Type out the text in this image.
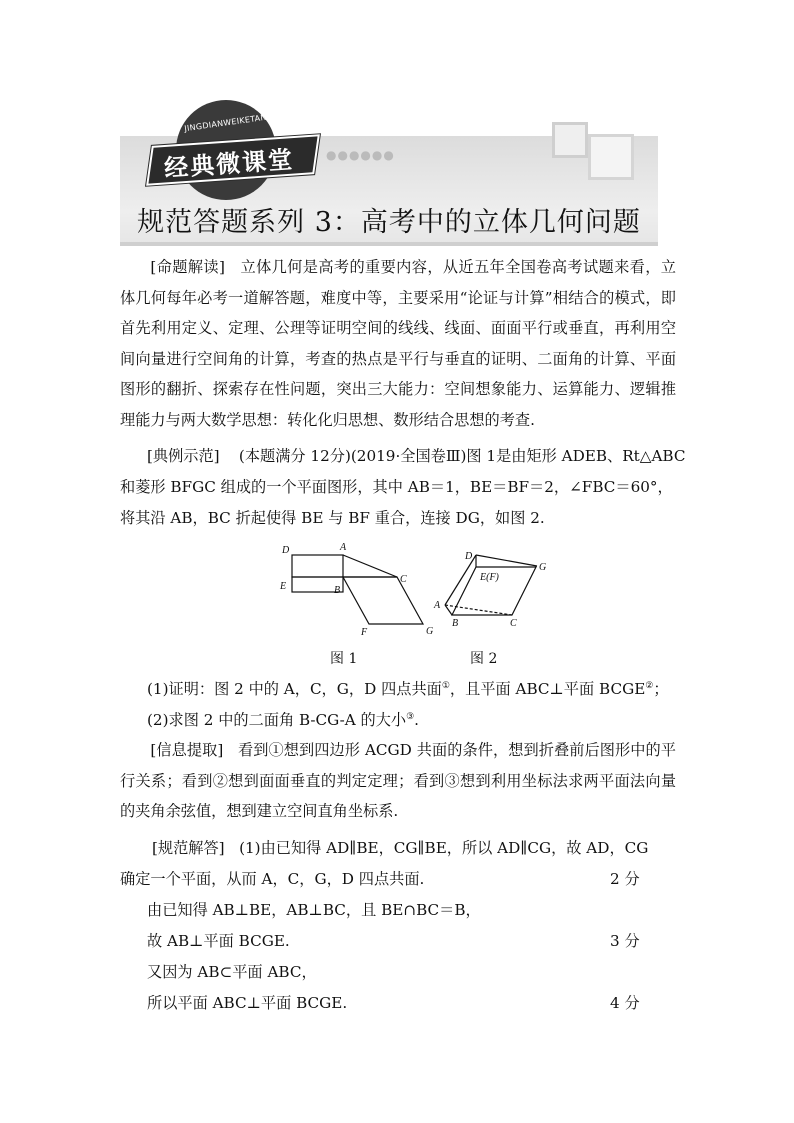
JINGDIANWEIKETANG
经典微课堂	●●●●●●
规范答题系列 3：高考中的立体几何问题

[命题解读] 立体几何是高考的重要内容，从近五年全国卷高考试题来看，立体几何每年必考一道解答题，难度中等，主要采用“论证与计算”相结合的模式，即首先利用定义、定理、公理等证明空间的线线、线面、面面平行或垂直，再利用空间向量进行空间角的计算，考查的热点是平行与垂直的证明、二面角的计算、平面图形的翻折、探索存在性问题，突出三大能力：空间想象能力、运算能力、逻辑推理能力与两大数学思想：转化化归思想、数形结合思想的考查.

[典例示范] (本题满分 12分)(2019·全国卷Ⅲ)图 1是由矩形 ADEB、Rt△ABC
和菱形 BFGC 组成的一个平面图形，其中 AB＝1，BE＝BF＝2，∠FBC＝60°，
将其沿 AB，BC 折起使得 BE 与 BF 重合，连接 DG，如图 2.
D	A
E	B
C
F	G
图 1
D
E(F)
G
A
B	C
图 2
(1)证明：图 2 中的 A，C，G，D 四点共面①，且平面 ABC⊥平面 BCGE②；
(2)求图 2 中的二面角 B-CG-A 的大小③.

[信息提取] 看到①想到四边形 ACGD 共面的条件，想到折叠前后图形中的平行关系；看到②想到面面垂直的判定定理；看到③想到利用坐标法求两平面法向量的夹角余弦值，想到建立空间直角坐标系.

[规范解答] (1)由已知得 AD∥BE，CG∥BE，所以 AD∥CG，故 AD，CG
确定一个平面，从而 A，C，G，D 四点共面.	2 分
由已知得 AB⊥BE，AB⊥BC，且 BE∩BC＝B，
故 AB⊥平面 BCGE.	3 分
又因为 AB⊂平面 ABC，
所以平面 ABC⊥平面 BCGE.	4 分
